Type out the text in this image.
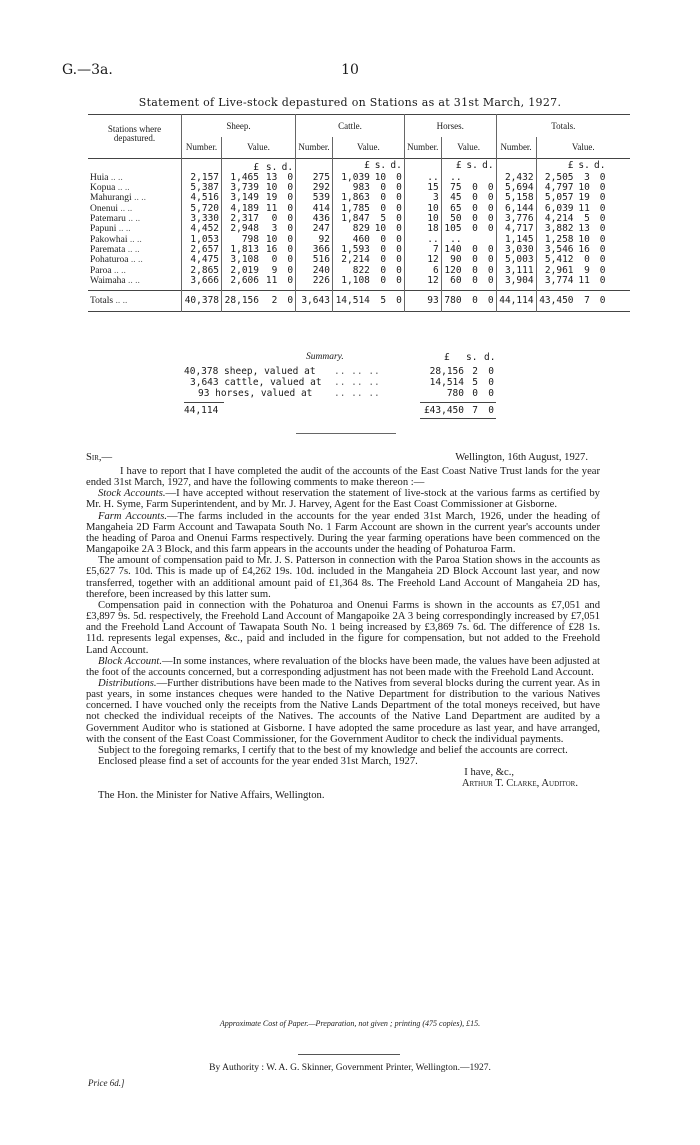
G.—3a.	10
Statement of Live-stock depastured on Stations as at 31st March, 1927.
Stations where depastured.	Sheep.				Cattle.				Horses.				Totals.				
	Number.	Value.			Number.	Value.			Number.	Value.			Number.	Value.			
		£	s.	d.		£	s.	d.		£	s.	d.		£	s.	d.	
Huia .. ..	2,157	1,465	13	0	275	1,039	10	0	..	..			2,432	2,505	3	0	
Kopua .. ..	5,387	3,739	10	0	292	983	0	0	15	75	0	0	5,694	4,797	10	0	
Mahurangi .. ..	4,516	3,149	19	0	539	1,863	0	0	3	45	0	0	5,158	5,057	19	0	
Onenui .. ..	5,720	4,189	11	0	414	1,785	0	0	10	65	0	0	6,144	6,039	11	0	
Patemaru .. ..	3,330	2,317	0	0	436	1,847	5	0	10	50	0	0	3,776	4,214	5	0	
Papuni .. ..	4,452	2,948	3	0	247	829	10	0	18	105	0	0	4,717	3,882	13	0	
Pakowhai .. ..	1,053	798	10	0	92	460	0	0	..	..			1,145	1,258	10	0	
Paremata .. ..	2,657	1,813	16	0	366	1,593	0	0	7	140	0	0	3,030	3,546	16	0	
Pohaturoa .. ..	4,475	3,108	0	0	516	2,214	0	0	12	90	0	0	5,003	5,412	0	0	
Paroa .. ..	2,865	2,019	9	0	240	822	0	0	6	120	0	0	3,111	2,961	9	0	
Waimaha .. ..	3,666	2,606	11	0	226	1,108	0	0	12	60	0	0	3,904	3,774	11	0	

Totals .. ..	40,378	28,156	2	0	3,643	14,514	5	0	93	780	0	0	44,114	43,450	7	0	
Summary.	£ s. d.
40,378 sheep, valued at .. .. ..	28,156 2	0
3,643 cattle, valued at .. .. ..	14,514 5	0
93 horses, valued at .. .. ..	780 0	0
44,114	£43,450 7	0
Sir,—	Wellington, 16th August, 1927.

I have to report that I have completed the audit of the accounts of the East Coast Native Trust lands for the year ended 31st March, 1927, and have the following comments to make thereon :—

Stock Accounts.—I have accepted without reservation the statement of live-stock at the various farms as certified by Mr. H. Syme, Farm Superintendent, and by Mr. J. Harvey, Agent for the East Coast Commissioner at Gisborne.

Farm Accounts.—The farms included in the accounts for the year ended 31st March, 1926, under the heading of Mangaheia 2D Farm Account and Tawapata South No. 1 Farm Account are shown in the current year's accounts under the heading of Paroa and Onenui Farms respectively. During the year farming operations have been commenced on the Mangapoike 2A 3 Block, and this farm appears in the accounts under the heading of Pohaturoa Farm.

The amount of compensation paid to Mr. J. S. Patterson in connection with the Paroa Station shows in the accounts as £5,627 7s. 10d. This is made up of £4,262 19s. 10d. included in the Mangaheia 2D Block Account last year, and now transferred, together with an additional amount paid of £1,364 8s. The Freehold Land Account of Mangaheia 2D has, therefore, been increased by this latter sum.

Compensation paid in connection with the Pohaturoa and Onenui Farms is shown in the accounts as £7,051 and £3,897 9s. 5d. respectively, the Freehold Land Account of Mangapoike 2A 3 being correspondingly increased by £7,051 and the Freehold Land Account of Tawapata South No. 1 being increased by £3,869 7s. 6d. The difference of £28 1s. 11d. represents legal expenses, &c., paid and included in the figure for compensation, but not added to the Freehold Land Account.

Block Account.—In some instances, where revaluation of the blocks have been made, the values have been adjusted at the foot of the accounts concerned, but a corresponding adjustment has not been made with the Freehold Land Account.

Distributions.—Further distributions have been made to the Natives from several blocks during the current year. As in past years, in some instances cheques were handed to the Native Department for distribution to the various Natives concerned. I have vouched only the receipts from the Native Lands Department of the total moneys received, but have not checked the individual receipts of the Natives. The accounts of the Native Land Department are audited by a Government Auditor who is stationed at Gisborne. I have adopted the same procedure as last year, and have arranged, with the consent of the East Coast Commissioner, for the Government Auditor to check the individual payments.

Subject to the foregoing remarks, I certify that to the best of my knowledge and belief the accounts are correct.

Enclosed please find a set of accounts for the year ended 31st March, 1927.

I have, &c.,

Arthur T. Clarke, Auditor.

The Hon. the Minister for Native Affairs, Wellington.

Approximate Cost of Paper.—Preparation, not given ; printing (475 copies), £15.
By Authority : W. A. G. Skinner, Government Printer, Wellington.—1927.
Price 6d.]
